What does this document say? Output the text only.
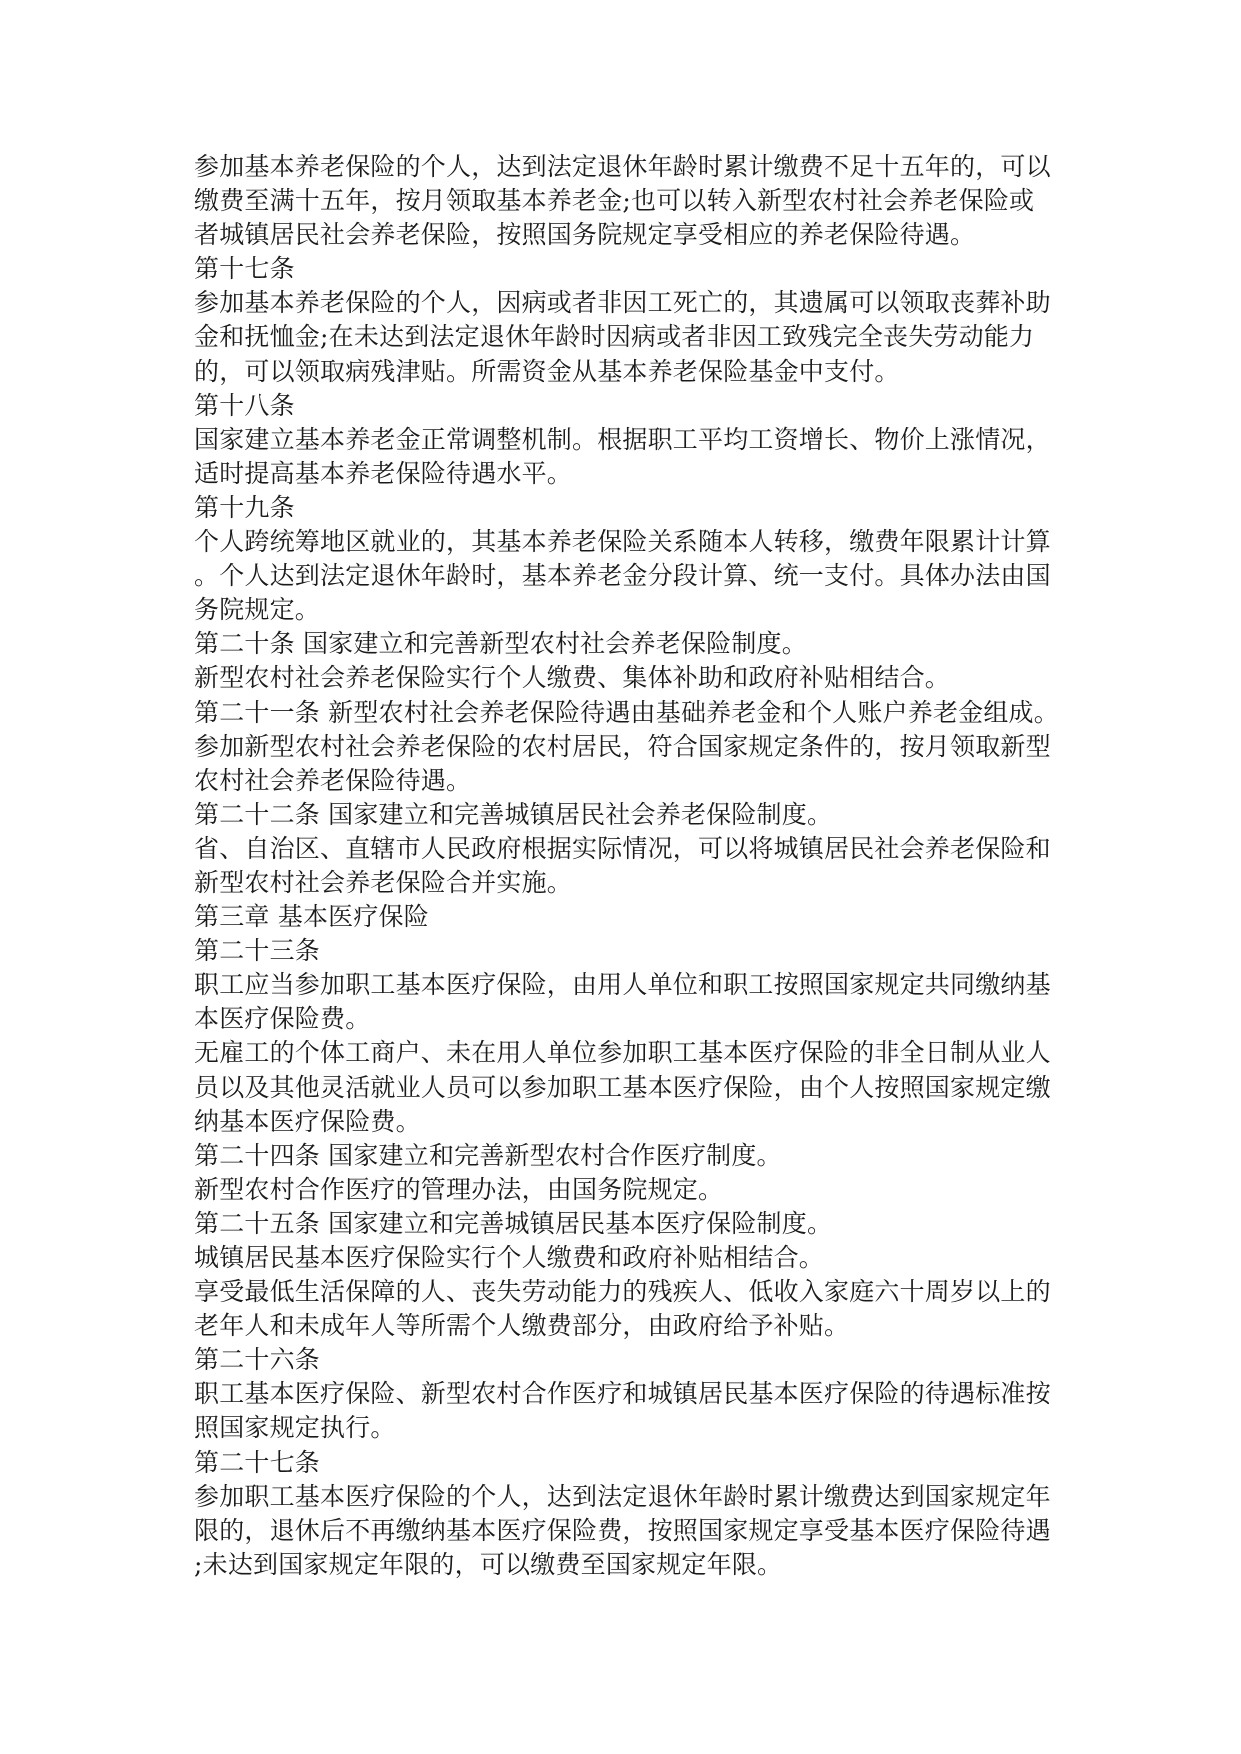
参加基本养老保险的个人，达到法定退休年龄时累计缴费不足十五年的，可以
缴费至满十五年，按月领取基本养老金;也可以转入新型农村社会养老保险或
者城镇居民社会养老保险，按照国务院规定享受相应的养老保险待遇。
第十七条
参加基本养老保险的个人，因病或者非因工死亡的，其遗属可以领取丧葬补助
金和抚恤金;在未达到法定退休年龄时因病或者非因工致残完全丧失劳动能力
的，可以领取病残津贴。所需资金从基本养老保险基金中支付。
第十八条
国家建立基本养老金正常调整机制。根据职工平均工资增长、物价上涨情况，
适时提高基本养老保险待遇水平。
第十九条
个人跨统筹地区就业的，其基本养老保险关系随本人转移，缴费年限累计计算
。个人达到法定退休年龄时，基本养老金分段计算、统一支付。具体办法由国
务院规定。
第二十条 国家建立和完善新型农村社会养老保险制度。
新型农村社会养老保险实行个人缴费、集体补助和政府补贴相结合。
第二十一条 新型农村社会养老保险待遇由基础养老金和个人账户养老金组成。
参加新型农村社会养老保险的农村居民，符合国家规定条件的，按月领取新型
农村社会养老保险待遇。
第二十二条 国家建立和完善城镇居民社会养老保险制度。
省、自治区、直辖市人民政府根据实际情况，可以将城镇居民社会养老保险和
新型农村社会养老保险合并实施。
第三章 基本医疗保险
第二十三条
职工应当参加职工基本医疗保险，由用人单位和职工按照国家规定共同缴纳基
本医疗保险费。
无雇工的个体工商户、未在用人单位参加职工基本医疗保险的非全日制从业人
员以及其他灵活就业人员可以参加职工基本医疗保险，由个人按照国家规定缴
纳基本医疗保险费。
第二十四条 国家建立和完善新型农村合作医疗制度。
新型农村合作医疗的管理办法，由国务院规定。
第二十五条 国家建立和完善城镇居民基本医疗保险制度。
城镇居民基本医疗保险实行个人缴费和政府补贴相结合。
享受最低生活保障的人、丧失劳动能力的残疾人、低收入家庭六十周岁以上的
老年人和未成年人等所需个人缴费部分，由政府给予补贴。
第二十六条
职工基本医疗保险、新型农村合作医疗和城镇居民基本医疗保险的待遇标准按
照国家规定执行。
第二十七条
参加职工基本医疗保险的个人，达到法定退休年龄时累计缴费达到国家规定年
限的，退休后不再缴纳基本医疗保险费，按照国家规定享受基本医疗保险待遇
;未达到国家规定年限的，可以缴费至国家规定年限。
